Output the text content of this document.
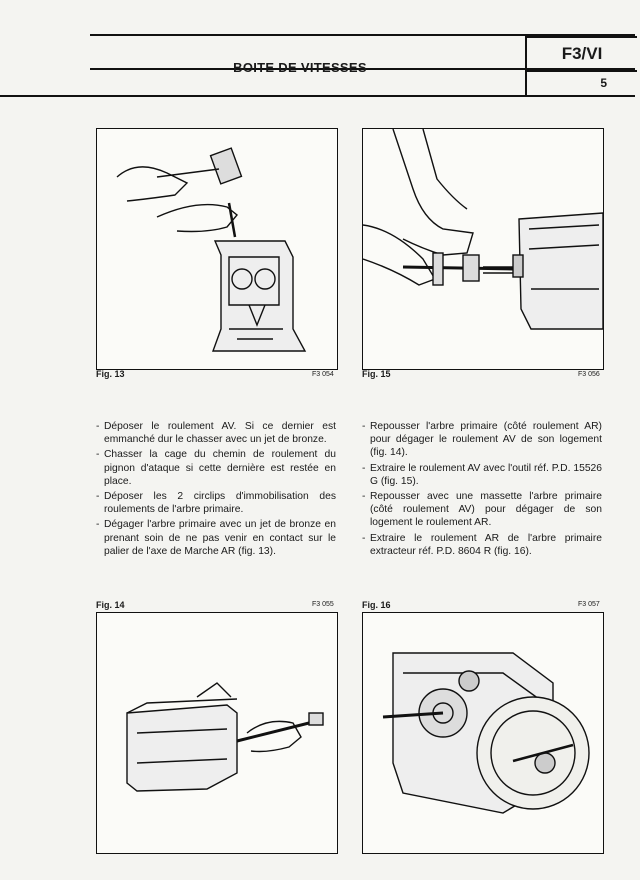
BOITE DE VITESSES
F3/VI
5
Fig. 13	F3 054	Fig. 15	F3 056
- Déposer le roulement AV. Si ce dernier est emmanché dur le chasser avec un jet de bronze.
- Chasser la cage du chemin de roulement du pignon d'ataque si cette dernière est restée en place.
- Déposer les 2 circlips d'immobilisation des roulements de l'arbre primaire.
- Dégager l'arbre primaire avec un jet de bronze en prenant soin de ne pas venir en contact sur le palier de l'axe de Marche AR (fig. 13).
- Repousser l'arbre primaire (côté roulement AR) pour dégager le roulement AV de son logement (fig. 14).
- Extraire le roulement AV avec l'outil réf. P.D. 15526 G (fig. 15).
- Repousser avec une massette l'arbre primaire (côté roulement AV) pour dégager de son logement le roulement AR.
- Extraire le roulement AR de l'arbre primaire extracteur réf. P.D. 8604 R (fig. 16).
Fig. 14	F3 055	Fig. 16	F3 057
